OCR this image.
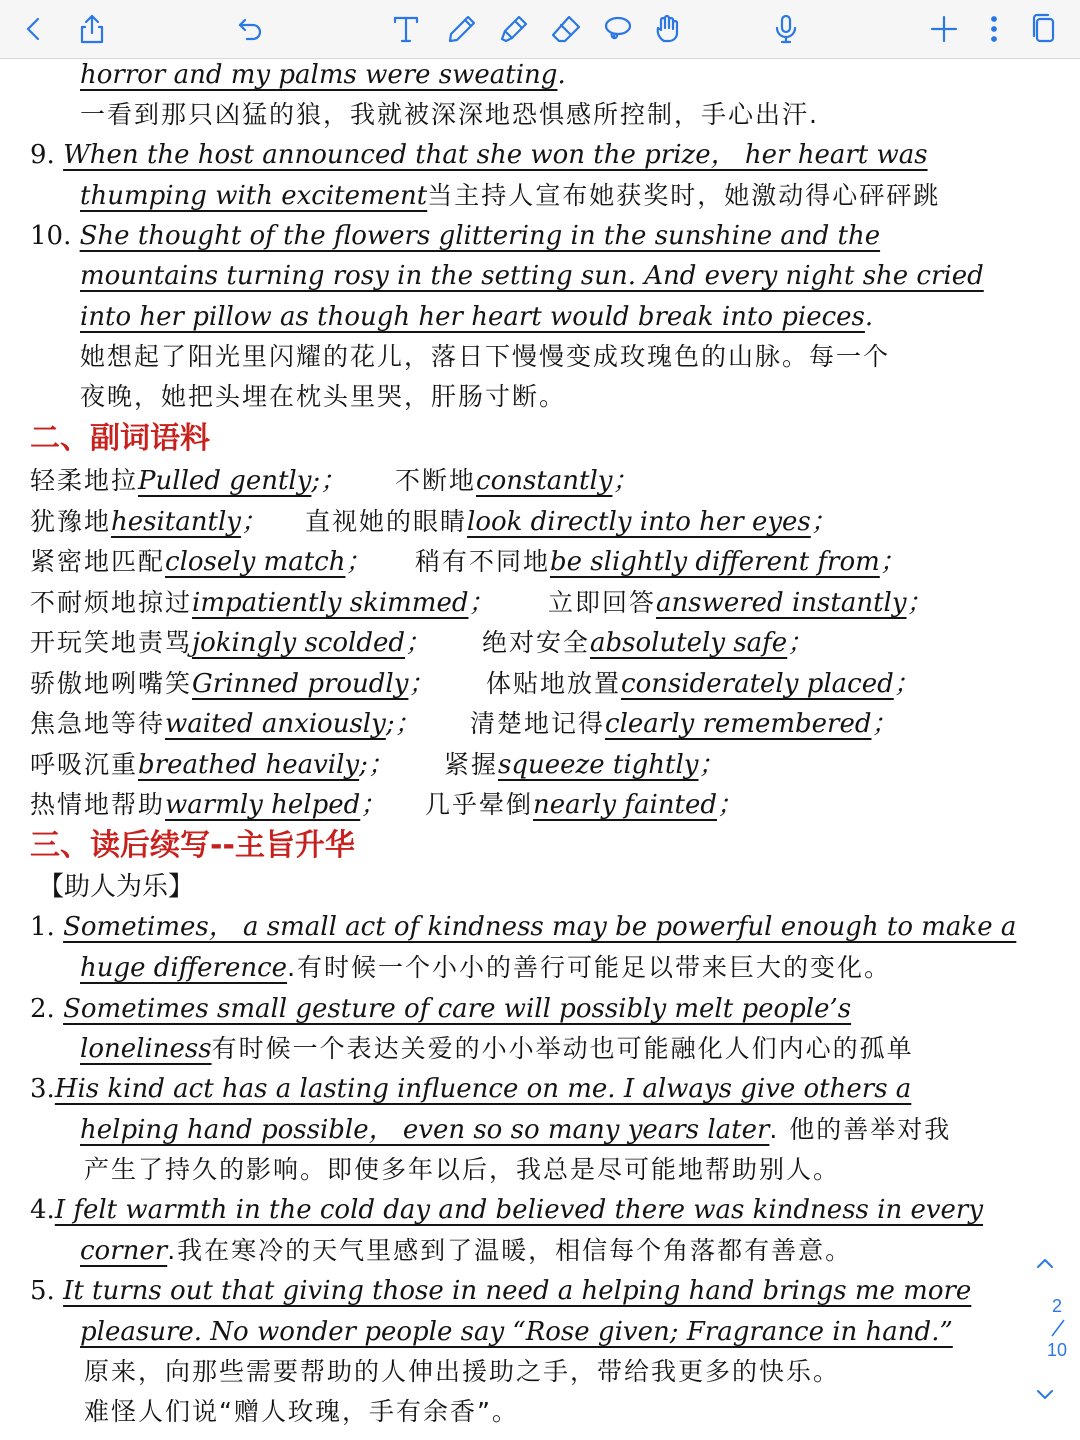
horror and my palms were sweating.
一看到那只凶猛的狼，我就被深深地恐惧感所控制，手心出汗.
9. When the host announced that she won the prize， her heart was
thumping with excitement当主持人宣布她获奖时，她激动得心砰砰跳
10. She thought of the flowers glittering in the sunshine and the
mountains turning rosy in the setting sun. And every night she cried
into her pillow as though her heart would break into pieces.
她想起了阳光里闪耀的花儿，落日下慢慢变成玫瑰色的山脉。每一个
夜晚，她把头埋在枕头里哭，肝肠寸断。
二、副词语料
轻柔地拉Pulled gently;； 不断地constantly；
犹豫地hesitantly； 直视她的眼睛look directly into her eyes；
紧密地匹配closely match； 稍有不同地be slightly different from；
不耐烦地掠过impatiently skimmed； 立即回答answered instantly；
开玩笑地责骂jokingly scolded； 绝对安全absolutely safe；
骄傲地咧嘴笑Grinned proudly； 体贴地放置considerately placed；
焦急地等待waited anxiously;； 清楚地记得clearly remembered；
呼吸沉重breathed heavily;； 紧握squeeze tightly；
热情地帮助warmly helped； 几乎晕倒nearly fainted；
三、读后续写--主旨升华
【助人为乐】
1. Sometimes， a small act of kindness may be powerful enough to make a
huge difference.有时候一个小小的善行可能足以带来巨大的变化。
2. Sometimes small gesture of care will possibly melt people’s
loneliness有时候一个表达关爱的小小举动也可能融化人们内心的孤单
3.His kind act has a lasting influence on me. I always give others a
helping hand possible， even so so many years later. 他的善举对我
产生了持久的影响。即使多年以后，我总是尽可能地帮助别人。
4.I felt warmth in the cold day and believed there was kindness in every
corner.我在寒冷的天气里感到了温暖，相信每个角落都有善意。
5. It turns out that giving those in need a helping hand brings me more
pleasure. No wonder people say “Rose given; Fragrance in hand.”
原来，向那些需要帮助的人伸出援助之手，带给我更多的快乐。
难怪人们说“赠人玫瑰，手有余香”。
2
10
